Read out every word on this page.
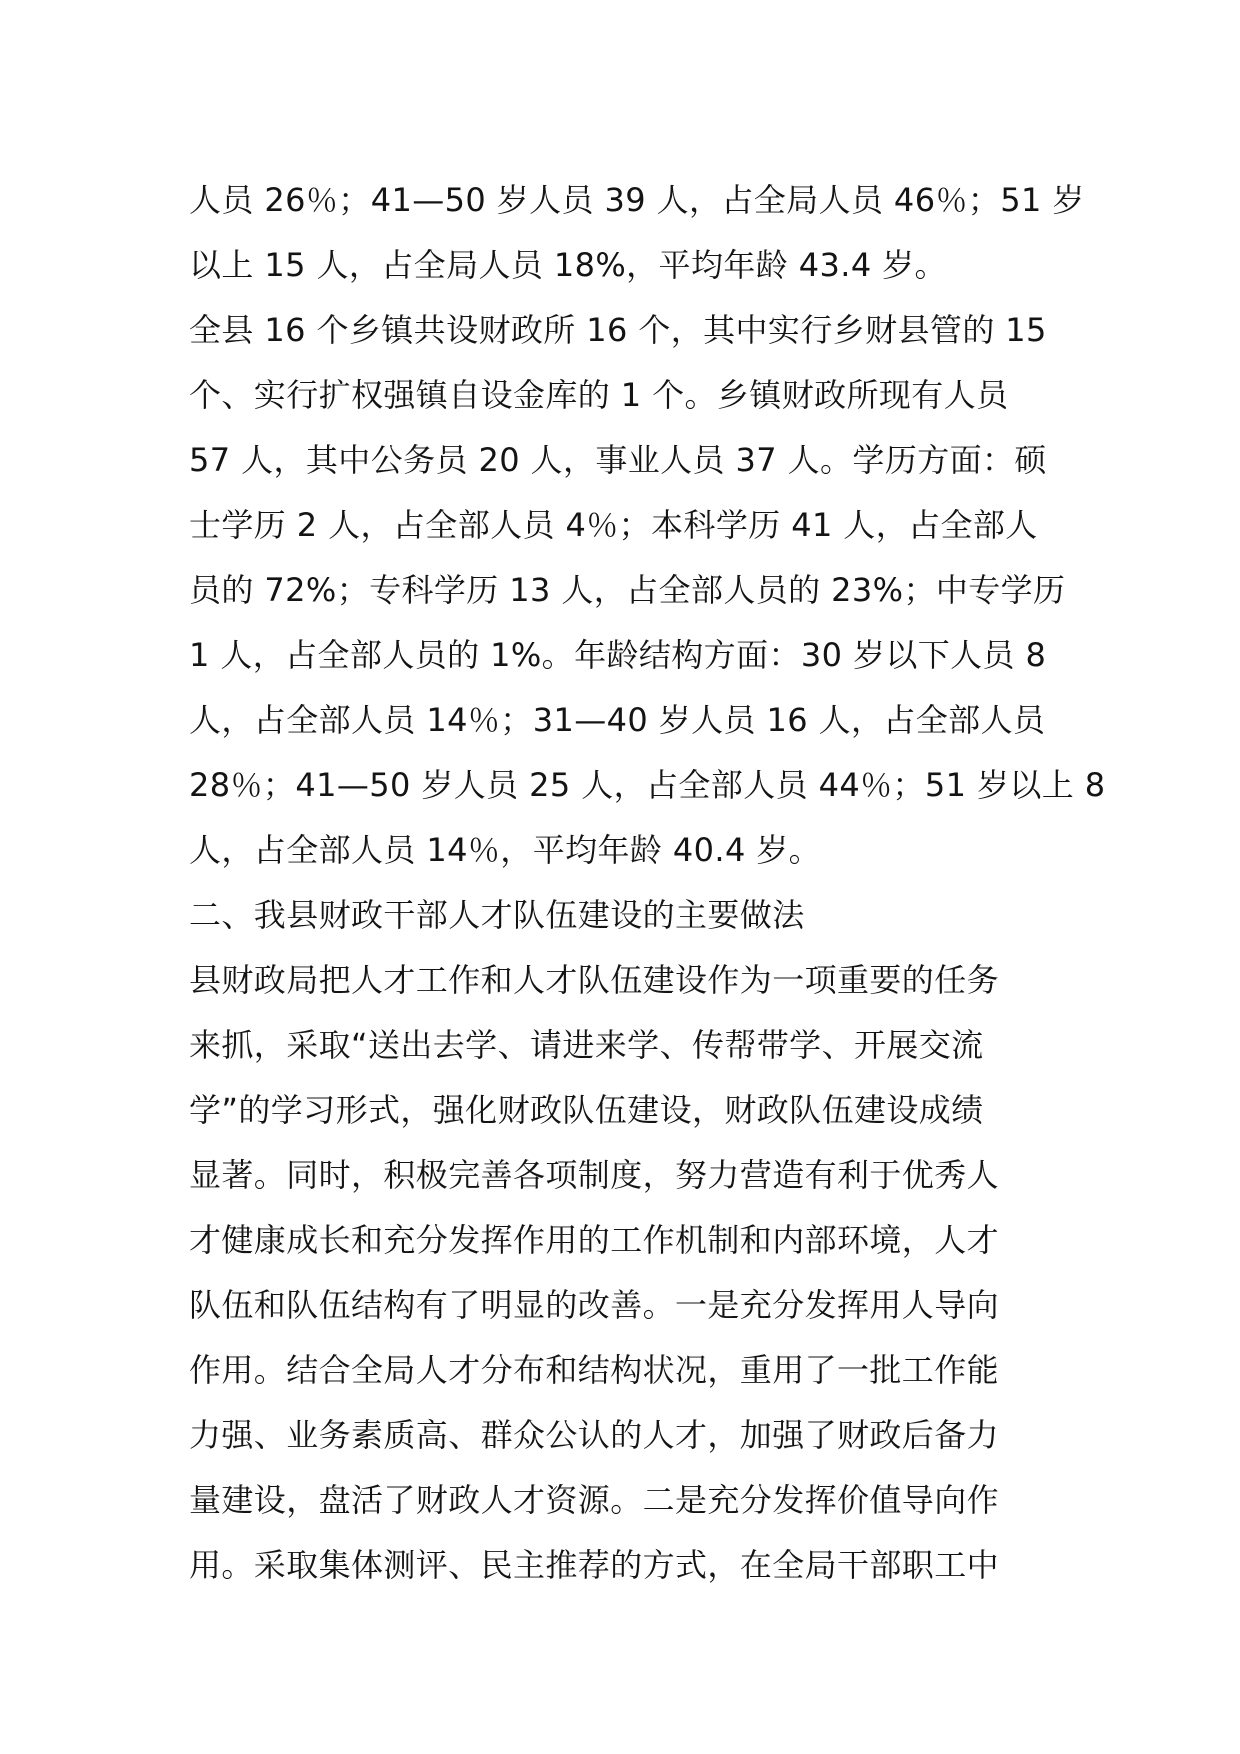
人员 26％；41—50 岁人员 39 人，占全局人员 46％；51 岁
以上 15 人，占全局人员 18%，平均年龄 43.4 岁。
全县 16 个乡镇共设财政所 16 个，其中实行乡财县管的 15
个、实行扩权强镇自设金库的 1 个。乡镇财政所现有人员
57 人，其中公务员 20 人，事业人员 37 人。学历方面：硕
士学历 2 人，占全部人员 4％；本科学历 41 人，占全部人
员的 72%；专科学历 13 人，占全部人员的 23%；中专学历
1 人，占全部人员的 1%。年龄结构方面：30 岁以下人员 8
人，占全部人员 14％；31—40 岁人员 16 人，占全部人员
28％；41—50 岁人员 25 人，占全部人员 44％；51 岁以上 8
人，占全部人员 14％，平均年龄 40.4 岁。
二、我县财政干部人才队伍建设的主要做法
县财政局把人才工作和人才队伍建设作为一项重要的任务
来抓，采取“送出去学、请进来学、传帮带学、开展交流
学”的学习形式，强化财政队伍建设，财政队伍建设成绩
显著。同时，积极完善各项制度，努力营造有利于优秀人
才健康成长和充分发挥作用的工作机制和内部环境，人才
队伍和队伍结构有了明显的改善。一是充分发挥用人导向
作用。结合全局人才分布和结构状况，重用了一批工作能
力强、业务素质高、群众公认的人才，加强了财政后备力
量建设，盘活了财政人才资源。二是充分发挥价值导向作
用。采取集体测评、民主推荐的方式，在全局干部职工中
